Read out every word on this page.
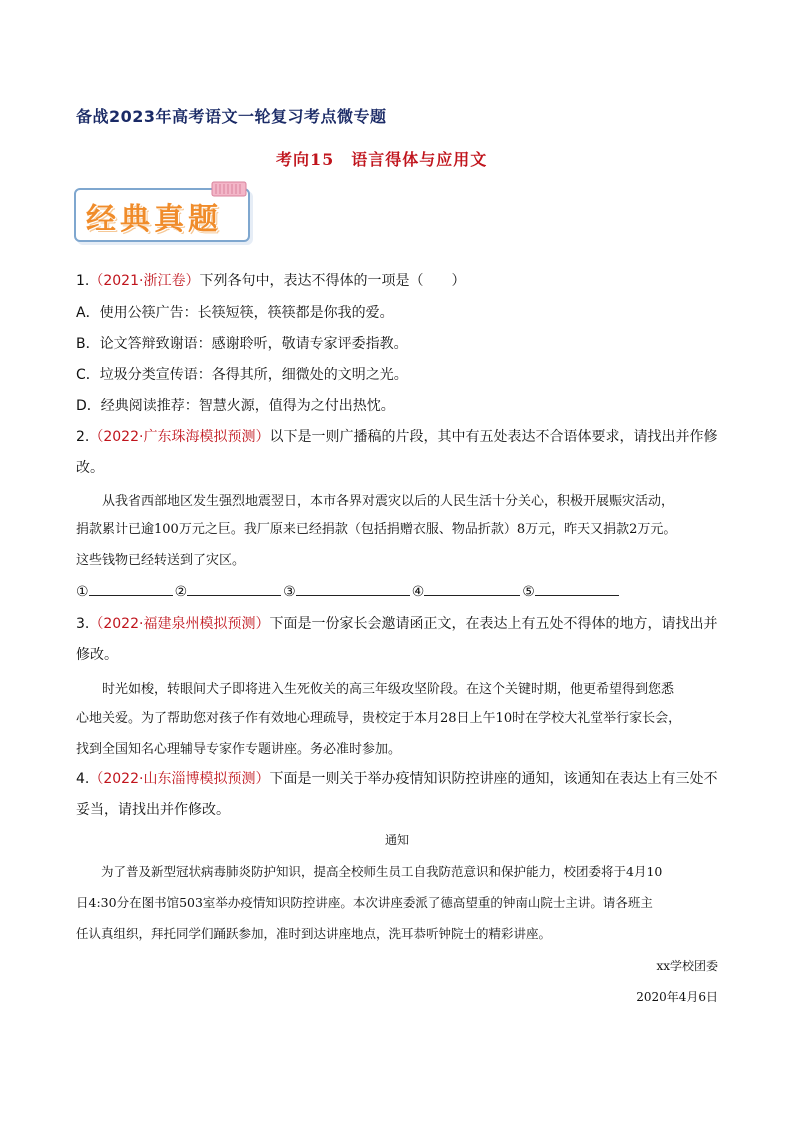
备战2023年高考语文一轮复习考点微专题
考向15　语言得体与应用文
经典真题
1.（2021·浙江卷）下列各句中，表达不得体的一项是（　　）
A．使用公筷广告：长筷短筷，筷筷都是你我的爱。
B．论文答辩致谢语：感谢聆听，敬请专家评委指教。
C．垃圾分类宣传语：各得其所，细微处的文明之光。
D．经典阅读推荐：智慧火源，值得为之付出热忱。
2.（2022·广东珠海模拟预测）以下是一则广播稿的片段，其中有五处表达不合语体要求，请找出并作修
改。
　　从我省西部地区发生强烈地震翌日，本市各界对震灾以后的人民生活十分关心，积极开展赈灾活动，
捐款累计已逾100万元之巨。我厂原来已经捐款（包括捐赠衣服、物品折款）8万元，昨天又捐款2万元。
这些钱物已经转送到了灾区。
①	②	③	④	⑤
3.（2022·福建泉州模拟预测）下面是一份家长会邀请函正文，在表达上有五处不得体的地方，请找出并
修改。
　　时光如梭，转眼间犬子即将进入生死攸关的高三年级攻坚阶段。在这个关键时期，他更希望得到您悉
心地关爱。为了帮助您对孩子作有效地心理疏导，贵校定于本月28日上午10时在学校大礼堂举行家长会，
找到全国知名心理辅导专家作专题讲座。务必准时参加。
4.（2022·山东淄博模拟预测）下面是一则关于举办疫情知识防控讲座的通知，该通知在表达上有三处不
妥当，请找出并作修改。
通知
　　为了普及新型冠状病毒肺炎防护知识，提高全校师生员工自我防范意识和保护能力，校团委将于4月10
日4:30分在图书馆503室举办疫情知识防控讲座。本次讲座委派了德高望重的钟南山院士主讲。请各班主
任认真组织，拜托同学们踊跃参加，准时到达讲座地点，洗耳恭听钟院士的精彩讲座。
xx学校团委
2020年4月6日
